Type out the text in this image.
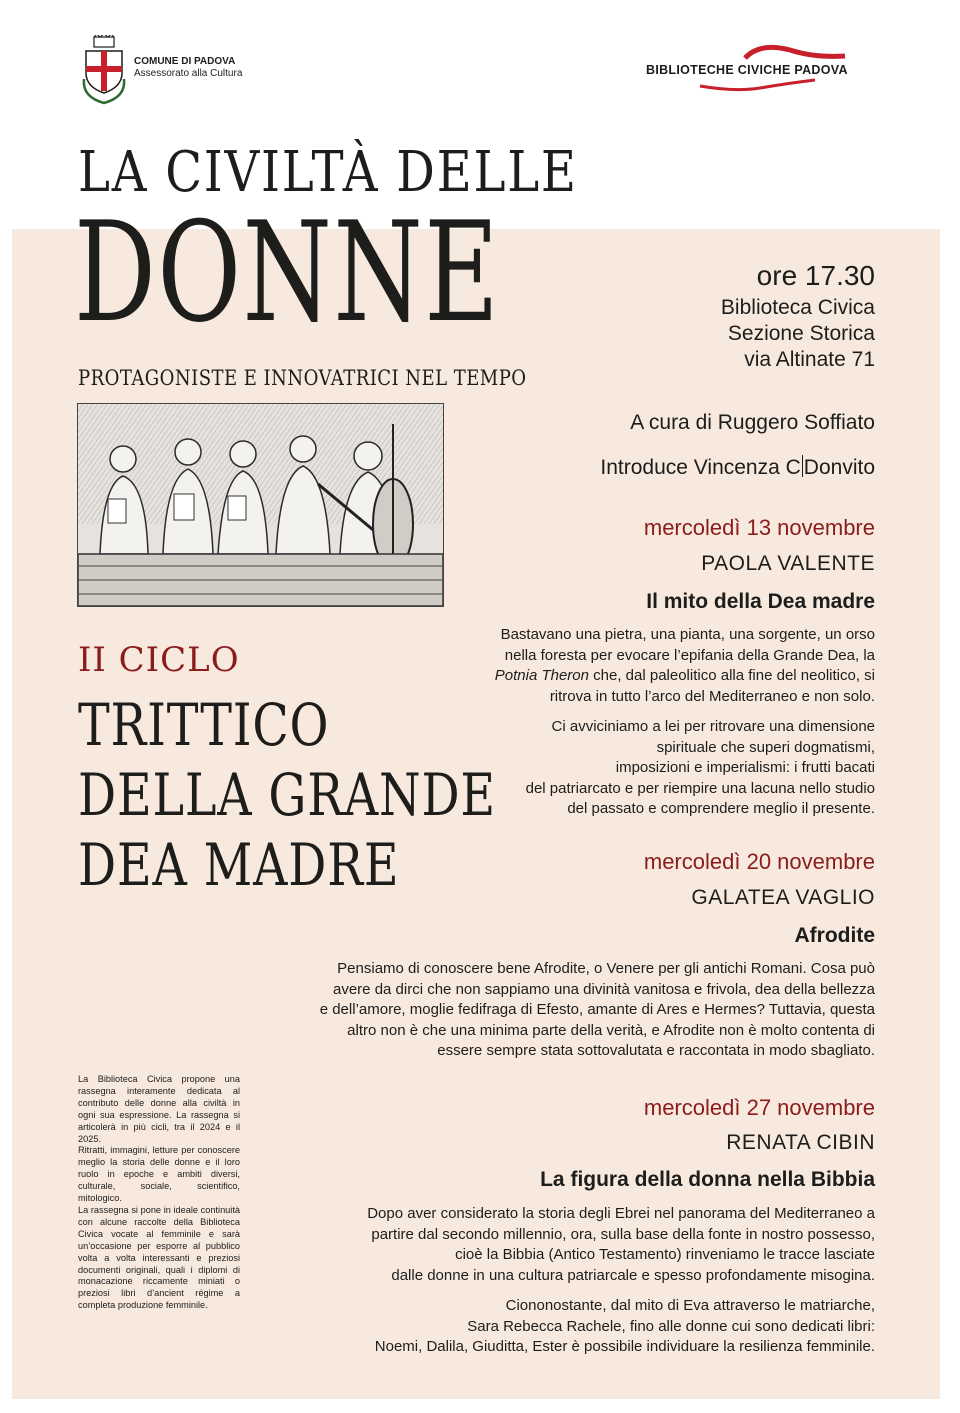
COMUNE DI PADOVA
Assessorato alla Cultura	BIBLIOTECHE CIVICHE PADOVA
LA CIVILTÀ DELLE
DONNE
PROTAGONISTE E INNOVATRICI NEL TEMPO
II CICLO
TRITTICO
DELLA GRANDE
DEA MADRE
ore 17.30
Biblioteca Civica
Sezione Storica
via Altinate 71
A cura di Ruggero Soffiato
Introduce Vincenza C Donvito
mercoledì 13 novembre
PAOLA VALENTE
Il mito della Dea madre

Bastavano una pietra, una pianta, una sorgente, un orso

nella foresta per evocare l’epifania della Grande Dea, la

Potnia Theron che, dal paleolitico alla fine del neolitico, si

ritrova in tutto l’arco del Mediterraneo e non solo.

Ci avviciniamo a lei per ritrovare una dimensione

spirituale che superi dogmatismi,

imposizioni e imperialismi: i frutti bacati

del patriarcato e per riempire una lacuna nello studio

del passato e comprendere meglio il presente.

mercoledì 20 novembre
GALATEA VAGLIO
Afrodite

Pensiamo di conoscere bene Afrodite, o Venere per gli antichi Romani. Cosa può

avere da dirci che non sappiamo una divinità vanitosa e frivola, dea della bellezza

e dell’amore, moglie fedifraga di Efesto, amante di Ares e Hermes? Tuttavia, questa

altro non è che una minima parte della verità, e Afrodite non è molto contenta di

essere sempre stata sottovalutata e raccontata in modo sbagliato.

mercoledì 27 novembre
RENATA CIBIN
La figura della donna nella Bibbia

Dopo aver considerato la storia degli Ebrei nel panorama del Mediterraneo a

partire dal secondo millennio, ora, sulla base della fonte in nostro possesso,

cioè la Bibbia (Antico Testamento) rinveniamo le tracce lasciate

dalle donne in una cultura patriarcale e spesso profondamente misogina.

Ciononostante, dal mito di Eva attraverso le matriarche,

Sara Rebecca Rachele, fino alle donne cui sono dedicati libri:

Noemi, Dalila, Giuditta, Ester è possibile individuare la resilienza femminile.

La Biblioteca Civica propone una rassegna interamente dedicata al contributo delle donne alla civiltà in ogni sua espressione. La rassegna si articolerà in più cicli, tra il 2024 e il 2025.

Ritratti, immagini, letture per conoscere meglio la storia delle donne e il loro ruolo in epoche e ambiti diversi, culturale, sociale, scientifico, mitologico.

La rassegna si pone in ideale continuità con alcune raccolte della Biblioteca Civica vocate al femminile e sarà un’occasione per esporre al pubblico volta a volta interessanti e preziosi documenti originali, quali i diplomi di monacazione riccamente miniati o preziosi libri d’ancient régime a completa produzione femminile.
